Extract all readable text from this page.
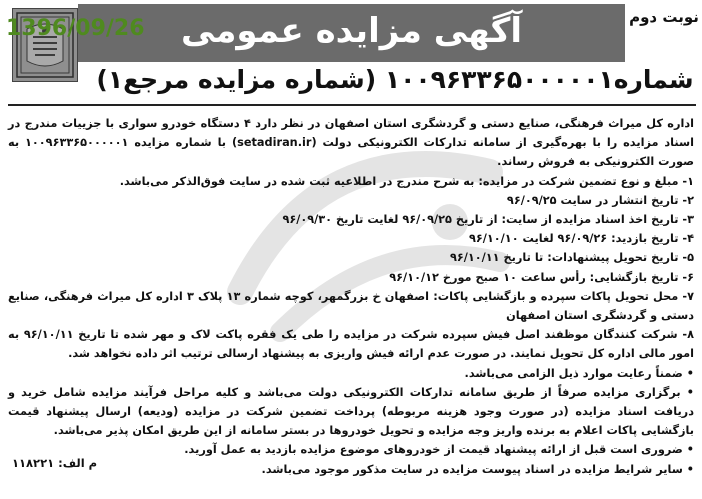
آگهی مزایده عمومی	نوبت دوم
1396/09/26
شماره۱۰۰۹۶۳۳۶۵۰۰۰۰۰۱ (شماره مزایده مرجع۱)

اداره کل میراث فرهنگی، صنایع دستی و گردشگری استان اصفهان در نظر دارد ۴ دستگاه خودرو سواری با جزییات مندرج در اسناد مزایده را با بهره‌گیری از سامانه تدارکات الکترونیکی دولت (setadiran.ir) با شماره مزایده ۱۰۰۹۶۳۳۶۵۰۰۰۰۰۱ به صورت الکترونیکی به فروش رساند.

۱- مبلغ و نوع تضمین شرکت در مزایده: به شرح مندرج در اطلاعیه ثبت شده در سایت فوق‌الذکر می‌باشد.

۲- تاریخ انتشار در سایت ۹۶/۰۹/۲۵

۳- تاریخ اخذ اسناد مزایده از سایت: از تاریخ ۹۶/۰۹/۲۵ لغایت تاریخ ۹۶/۰۹/۳۰

۴- تاریخ بازدید: ۹۶/۰۹/۲۶ لغایت ۹۶/۱۰/۱۰

۵- تاریخ تحویل پیشنهادات: تا تاریخ ۹۶/۱۰/۱۱

۶- تاریخ بازگشایی: رأس ساعت ۱۰ صبح مورخ ۹۶/۱۰/۱۲

۷- محل تحویل پاکات سپرده و بازگشایی پاکات: اصفهان خ بزرگمهر، کوچه شماره ۱۳ پلاک ۳ اداره کل میراث فرهنگی، صنایع دستی و گردشگری استان اصفهان

۸- شرکت کنندگان موظفند اصل فیش سپرده شرکت در مزایده را طی یک فقره پاکت لاک و مهر شده تا تاریخ ۹۶/۱۰/۱۱ به امور مالی اداره کل تحویل نمایند. در صورت عدم ارائه فیش واریزی به پیشنهاد ارسالی ترتیب اثر داده نخواهد شد.

• ضمناً رعایت موارد ذیل الزامی می‌باشد.

• برگزاری مزایده صرفاً از طریق سامانه تدارکات الکترونیکی دولت می‌باشد و کلیه مراحل فرآیند مزایده شامل خرید و دریافت اسناد مزایده (در صورت وجود هزینه مربوطه) پرداخت تضمین شرکت در مزایده (ودیعه) ارسال پیشنهاد قیمت بازگشایی پاکات اعلام به برنده واریز وجه مزایده و تحویل خودروها در بستر سامانه از این طریق امکان پذیر می‌باشد.

• ضروری است قبل از ارائه پیشنهاد قیمت از خودروهای موضوع مزایده بازدید به عمل آورید.

• سایر شرایط مزایده در اسناد پیوست مزایده در سایت مذکور موجود می‌باشد.

م الف: ۱۱۸۲۲۱
